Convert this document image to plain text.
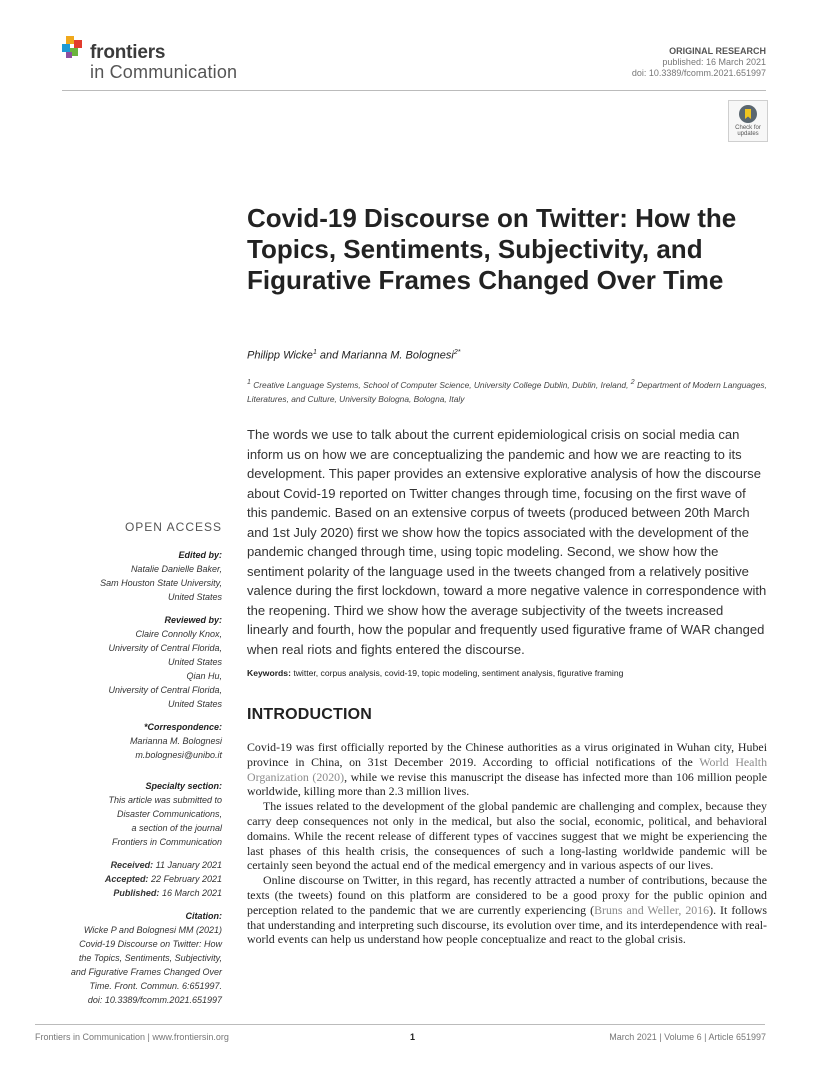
frontiers
in Communication
ORIGINAL RESEARCH
published: 16 March 2021
doi: 10.3389/fcomm.2021.651997
Check for
updates
Covid-19 Discourse on Twitter: How the Topics, Sentiments, Subjectivity, and Figurative Frames Changed Over Time
Philipp Wicke$^1$ and Marianna M. Bolognesi$^{2*}$
$^1$ Creative Language Systems, School of Computer Science, University College Dublin, Dublin, Ireland, $^2$ Department of Modern Languages, Literatures, and Culture, University Bologna, Bologna, Italy
The words we use to talk about the current epidemiological crisis on social media can inform us on how we are conceptualizing the pandemic and how we are reacting to its development. This paper provides an extensive explorative analysis of how the discourse about Covid-19 reported on Twitter changes through time, focusing on the first wave of this pandemic. Based on an extensive corpus of tweets (produced between 20th March and 1st July 2020) first we show how the topics associated with the development of the pandemic changed through time, using topic modeling. Second, we show how the sentiment polarity of the language used in the tweets changed from a relatively positive valence during the first lockdown, toward a more negative valence in correspondence with the reopening. Third we show how the average subjectivity of the tweets increased linearly and fourth, how the popular and frequently used figurative frame of WAR changed when real riots and fights entered the discourse.
Keywords: twitter, corpus analysis, covid-19, topic modeling, sentiment analysis, figurative framing
INTRODUCTION

Covid-19 was first officially reported by the Chinese authorities as a virus originated in Wuhan city, Hubei province in China, on 31st December 2019. According to official notifications of the World Health Organization (2020), while we revise this manuscript the disease has infected more than 106 million people worldwide, killing more than 2.3 million lives.

The issues related to the development of the global pandemic are challenging and complex, because they carry deep consequences not only in the medical, but also the social, economic, political, and behavioral domains. While the recent release of different types of vaccines suggest that we might be experiencing the last phases of this health crisis, the consequences of such a long-lasting worldwide pandemic will be certainly seen beyond the actual end of the medical emergency and in various aspects of our lives.

Online discourse on Twitter, in this regard, has recently attracted a number of contributions, because the texts (the tweets) found on this platform are considered to be a good proxy for the public opinion and perception related to the pandemic that we are currently experiencing (Bruns and Weller, 2016). It follows that understanding and interpreting such discourse, its evolution over time, and its interdependence with real-world events can help us understand how people conceptualize and react to the global crisis.

OPEN ACCESS
Edited by:
Natalie Danielle Baker,
Sam Houston State University,
United States
Reviewed by:
Claire Connolly Knox,
University of Central Florida,
United States
Qian Hu,
University of Central Florida,
United States
*Correspondence:
Marianna M. Bolognesi
m.bolognesi@unibo.it
Specialty section:
This article was submitted to
Disaster Communications,
a section of the journal
Frontiers in Communication
Received: 11 January 2021
Accepted: 22 February 2021
Published: 16 March 2021
Citation:
Wicke P and Bolognesi MM (2021)
Covid-19 Discourse on Twitter: How
the Topics, Sentiments, Subjectivity,
and Figurative Frames Changed Over
Time. Front. Commun. 6:651997.
doi: 10.3389/fcomm.2021.651997
Frontiers in Communication | www.frontiersin.org	1	March 2021 | Volume 6 | Article 651997
